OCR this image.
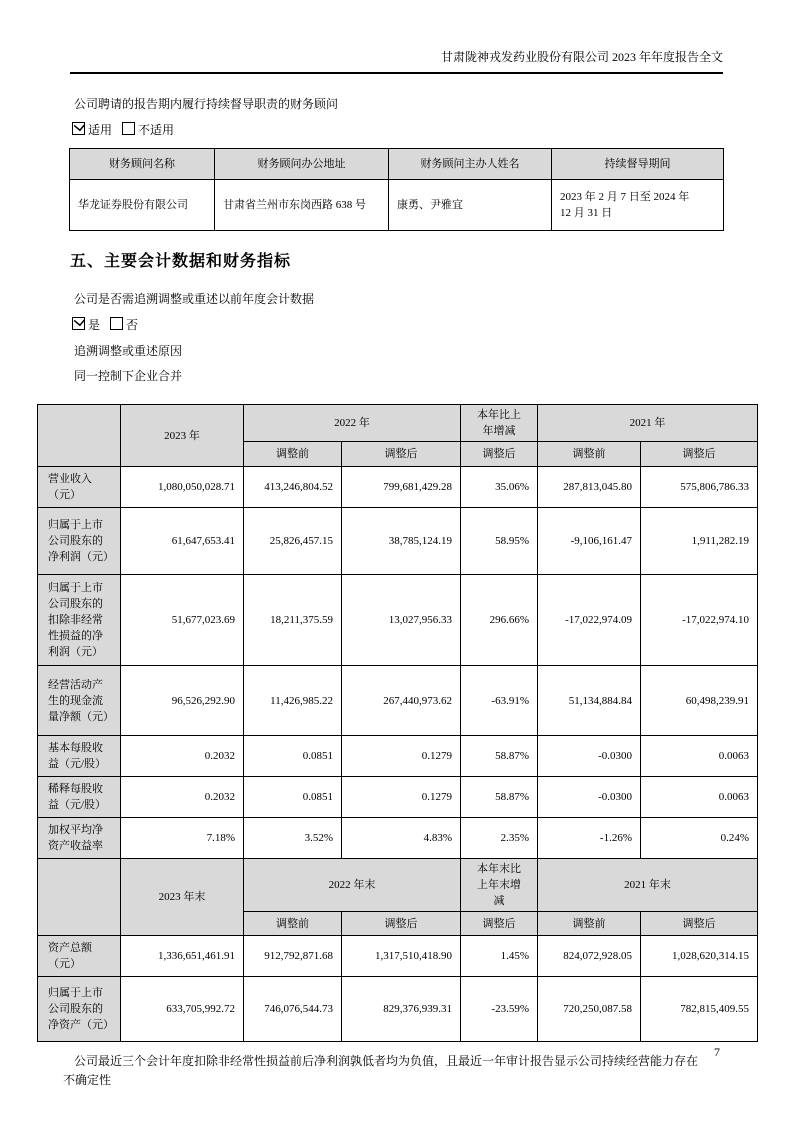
甘肃陇神戎发药业股份有限公司 2023 年年度报告全文
公司聘请的报告期内履行持续督导职责的财务顾问
适用 不适用
财务顾问名称	财务顾问办公地址	财务顾问主办人姓名	持续督导期间
华龙证券股份有限公司	甘肃省兰州市东岗西路 638 号	康勇、尹雅宜	2023 年 2 月 7 日至 2024 年 12 月 31 日
五、主要会计数据和财务指标
公司是否需追溯调整或重述以前年度会计数据
是 否
追溯调整或重述原因
同一控制下企业合并
	2023 年	2022 年		本年比上年增减	2021 年	
		调整前	调整后	调整后	调整前	调整后
营业收入（元）	1,080,050,028.71	413,246,804.52	799,681,429.28	35.06%	287,813,045.80	575,806,786.33
归属于上市公司股东的净利润（元）	61,647,653.41	25,826,457.15	38,785,124.19	58.95%	-9,106,161.47	1,911,282.19
归属于上市公司股东的扣除非经常性损益的净利润（元）	51,677,023.69	18,211,375.59	13,027,956.33	296.66%	-17,022,974.09	-17,022,974.10
经营活动产生的现金流量净额（元）	96,526,292.90	11,426,985.22	267,440,973.62	-63.91%	51,134,884.84	60,498,239.91
基本每股收益（元/股）	0.2032	0.0851	0.1279	58.87%	-0.0300	0.0063
稀释每股收益（元/股）	0.2032	0.0851	0.1279	58.87%	-0.0300	0.0063
加权平均净资产收益率	7.18%	3.52%	4.83%	2.35%	-1.26%	0.24%
	2023 年末	2022 年末		本年末比上年末增减	2021 年末	
		调整前	调整后	调整后	调整前	调整后
资产总额（元）	1,336,651,461.91	912,792,871.68	1,317,510,418.90	1.45%	824,072,928.05	1,028,620,314.15
归属于上市公司股东的净资产（元）	633,705,992.72	746,076,544.73	829,376,939.31	-23.59%	720,250,087.58	782,815,409.55
公司最近三个会计年度扣除非经常性损益前后净利润孰低者均为负值，且最近一年审计报告显示公司持续经营能力存在不确定性
7
